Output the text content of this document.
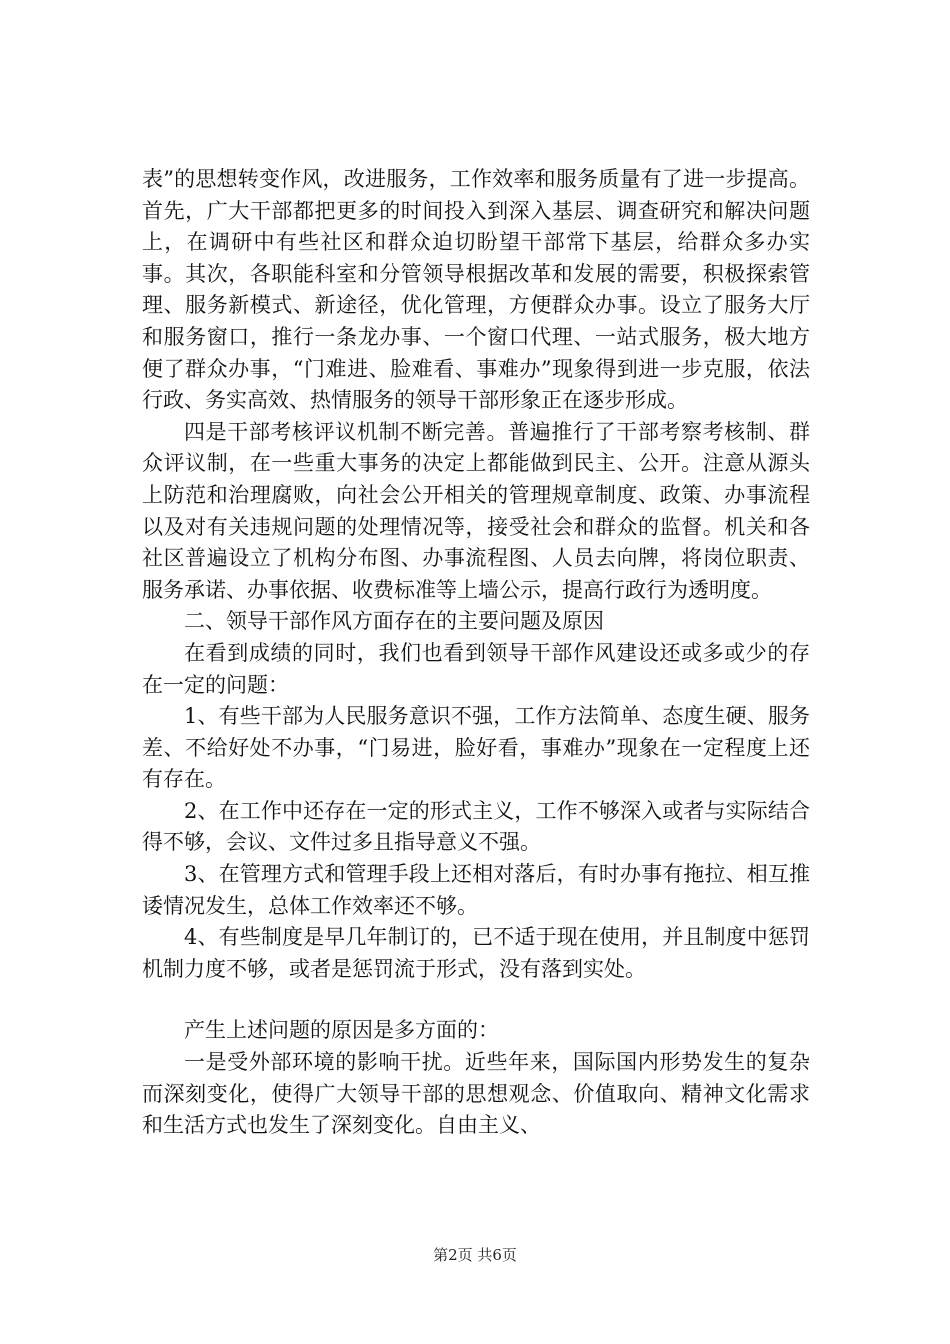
表”的思想转变作风，改进服务，工作效率和服务质量有了进一步提高。首先，广大干部都把更多的时间投入到深入基层、调查研究和解决问题上，在调研中有些社区和群众迫切盼望干部常下基层，给群众多办实事。其次，各职能科室和分管领导根据改革和发展的需要，积极探索管理、服务新模式、新途径，优化管理，方便群众办事。设立了服务大厅和服务窗口，推行一条龙办事、一个窗口代理、一站式服务，极大地方便了群众办事，“门难进、脸难看、事难办”现象得到进一步克服，依法行政、务实高效、热情服务的领导干部形象正在逐步形成。

四是干部考核评议机制不断完善。普遍推行了干部考察考核制、群众评议制，在一些重大事务的决定上都能做到民主、公开。注意从源头上防范和治理腐败，向社会公开相关的管理规章制度、政策、办事流程以及对有关违规问题的处理情况等，接受社会和群众的监督。机关和各社区普遍设立了机构分布图、办事流程图、人员去向牌，将岗位职责、服务承诺、办事依据、收费标准等上墙公示，提高行政行为透明度。

二、领导干部作风方面存在的主要问题及原因

在看到成绩的同时，我们也看到领导干部作风建设还或多或少的存在一定的问题：

1、有些干部为人民服务意识不强，工作方法简单、态度生硬、服务差、不给好处不办事，“门易进，脸好看，事难办”现象在一定程度上还有存在。

2、在工作中还存在一定的形式主义，工作不够深入或者与实际结合得不够，会议、文件过多且指导意义不强。

3、在管理方式和管理手段上还相对落后，有时办事有拖拉、相互推诿情况发生，总体工作效率还不够。

4、有些制度是早几年制订的，已不适于现在使用，并且制度中惩罚机制力度不够，或者是惩罚流于形式，没有落到实处。

产生上述问题的原因是多方面的：

一是受外部环境的影响干扰。近些年来，国际国内形势发生的复杂而深刻变化，使得广大领导干部的思想观念、价值取向、精神文化需求和生活方式也发生了深刻变化。自由主义、

第2页 共6页
